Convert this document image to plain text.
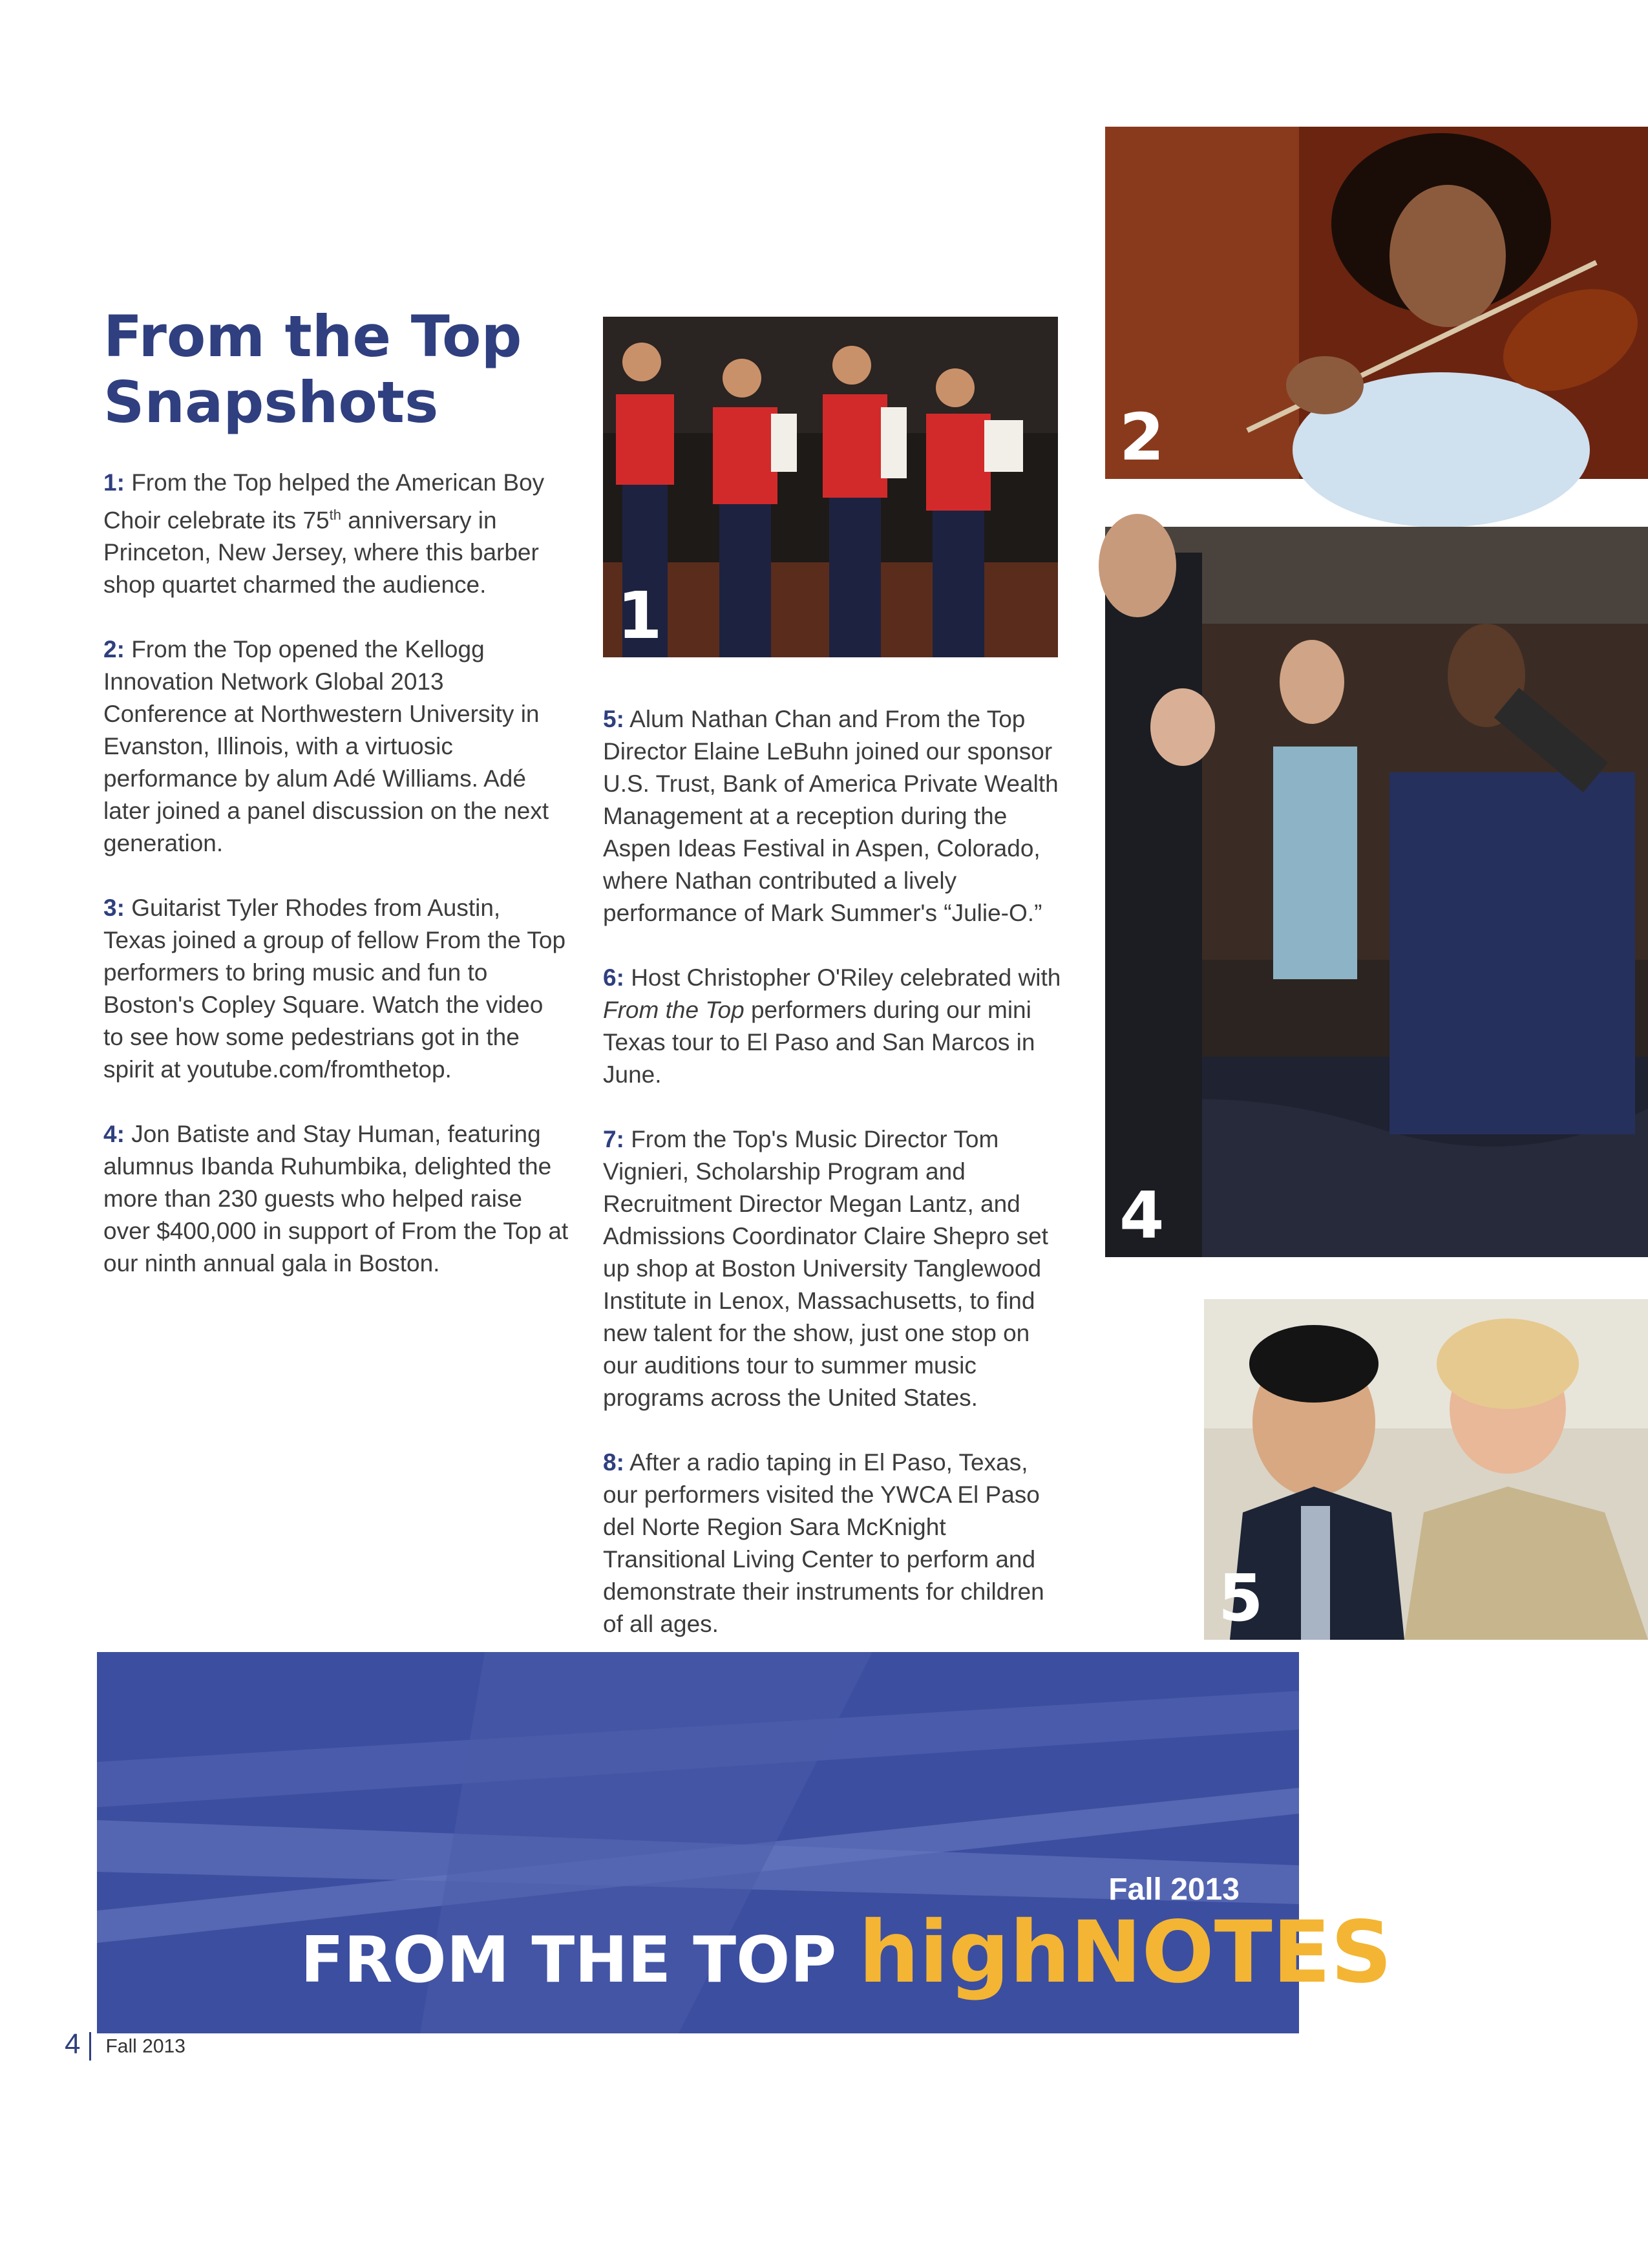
From the Top Snapshots

1: From the Top helped the American Boy Choir celebrate its 75th anniversary in Princeton, New Jersey, where this barber shop quartet charmed the audience.

2: From the Top opened the Kellogg Innovation Network Global 2013 Conference at Northwestern University in Evanston, Illinois, with a virtuosic performance by alum Adé Williams. Adé later joined a panel discussion on the next generation.

3: Guitarist Tyler Rhodes from Austin, Texas joined a group of fellow From the Top performers to bring music and fun to Boston's Copley Square. Watch the video to see how some pedestrians got in the spirit at youtube.com/fromthetop.

4: Jon Batiste and Stay Human, featuring alumnus Ibanda Ruhumbika, delighted the more than 230 guests who helped raise over $400,000 in support of From the Top at our ninth annual gala in Boston.

5: Alum Nathan Chan and From the Top Director Elaine LeBuhn joined our sponsor U.S. Trust, Bank of America Private Wealth Management at a reception during the Aspen Ideas Festival in Aspen, Colorado, where Nathan contributed a lively performance of Mark Summer's “Julie-O.”

6: Host Christopher O'Riley celebrated with From the Top performers during our mini Texas tour to El Paso and San Marcos in June.

7: From the Top's Music Director Tom Vignieri, Scholarship Program and Recruitment Director Megan Lantz, and Admissions Coordinator Claire Shepro set up shop at Boston University Tanglewood Institute in Lenox, Massachusetts, to find new talent for the show, just one stop on our auditions tour to summer music programs across the United States.

8: After a radio taping in El Paso, Texas, our performers visited the YWCA El Paso del Norte Region Sara McKnight Transitional Living Center to perform and demonstrate their instruments for children of all ages.

1
2
4
5
Fall 2013
FROM THE TOP highNOTES
4 Fall 2013
